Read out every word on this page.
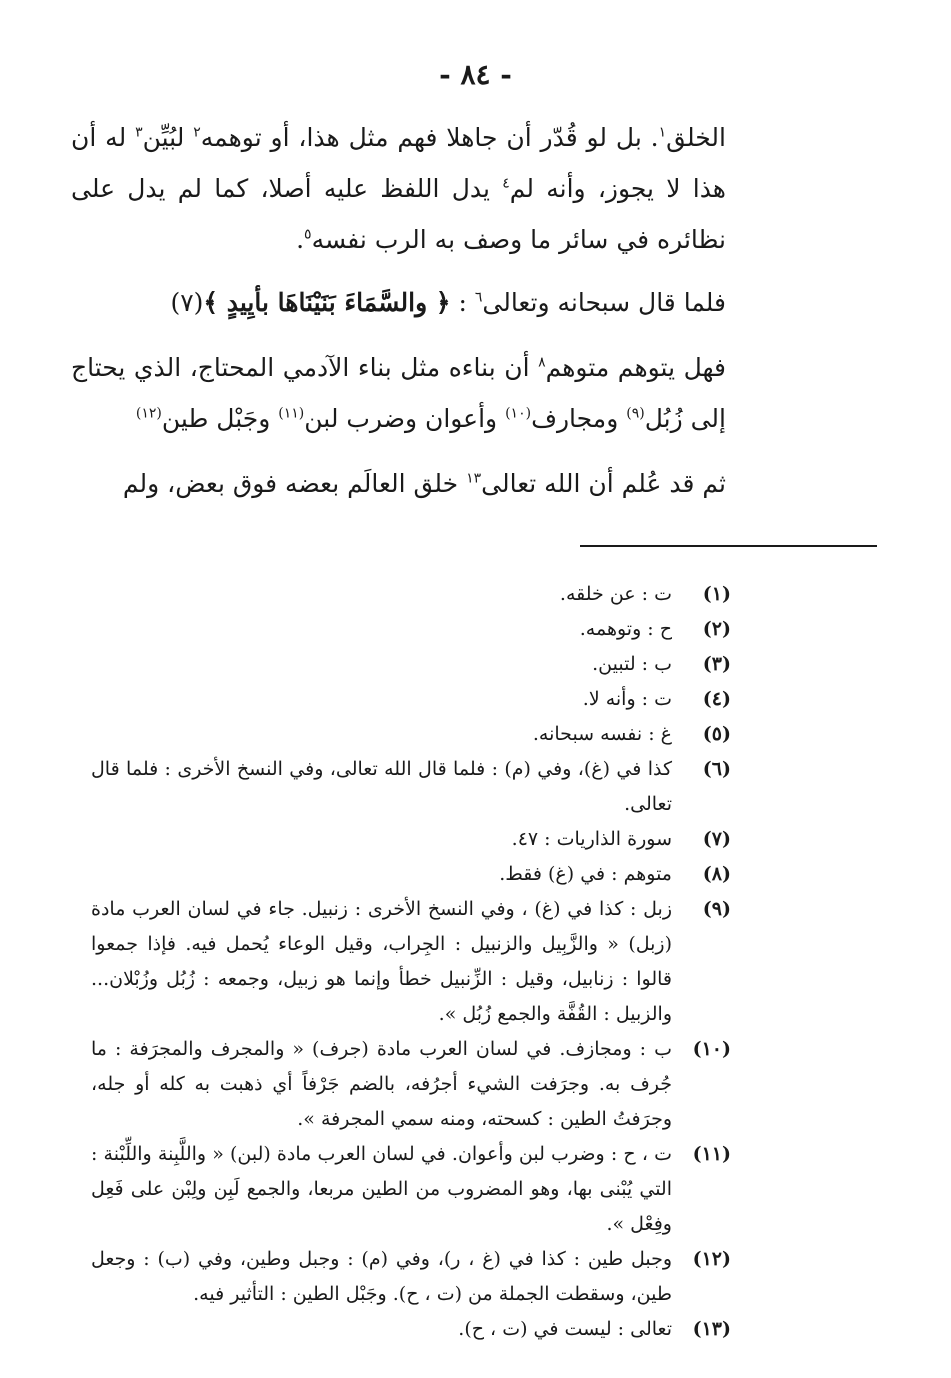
- ٨٤ -

الخلق$^١$. بل لو قُدّر أن جاهلا فهم مثل هذا، أو توهمه$^٢$ لبُيِّن$^٣$ له أن هذا لا يجوز، وأنه لم$^٤$ يدل اللفظ عليه أصلا، كما لم يدل على نظائره في سائر ما وصف به الرب نفسه$^٥$.

فلما قال سبحانه وتعالى$^٦$ : ﴿ والسَّمَاءَ بَنَيْنَاهَا بأيِيدٍ ﴾(٧)

فهل يتوهم متوهم$^٨$ أن بناءه مثل بناء الآدمي المحتاج، الذي يحتاج إلى زُبُل$^{(٩)}$ ومجارف$^{(١٠)}$ وأعوان وضرب لبن$^{(١١)}$ وجَبْل طين$^{(١٢)}$

ثم قد عُلم أن الله تعالى$^{١٣}$ خلق العالَم بعضه فوق بعض، ولم

(١)
ت : عن خلقه.
(٢)
ح : وتوهمه.
(٣)
ب : لتبين.
(٤)
ت : وأنه لا.
(٥)
غ : نفسه سبحانه.
(٦)
كذا في (غ)، وفي (م) : فلما قال الله تعالى، وفي النسخ الأخرى : فلما قال تعالى.
(٧)
سورة الذاريات : ٤٧.
(٨)
متوهم : في (غ) فقط.
(٩)
زبل : كذا في (غ) ، وفي النسخ الأخرى : زنبيل. جاء في لسان العرب مادة (زبل) « والزَّبِيل والزنبيل : الجِراب، وقيل الوعاء يُحمل فيه. فإذا جمعوا قالوا : زنابيل، وقيل : الزِّنبيل خطأ وإنما هو زبيل، وجمعه : زُبُل وزُبْلان... والزبيل : القُفَّة والجمع زُبُل ».
(١٠)
ب : ومجازف. في لسان العرب مادة (جرف) « والمجرف والمجرَفة : ما جُرف به. وجرَفت الشيء أجرُفه، بالضم جَرْفاً أي ذهبت به كله أو جله، وجرَفتُ الطين : كسحته، ومنه سمي المجرفة ».
(١١)
ت ، ح : وضرب لبن وأعوان. في لسان العرب مادة (لبن) « واللَّبِنة واللِّبْنة : التي يُبْنى بها، وهو المضروب من الطين مربعا، والجمع لَبِن ولِبْن على فَعِل وفِعْل ».
(١٢)
وجبل طين : كذا في (غ ، ر)، وفي (م) : وجبل وطين، وفي (ب) : وجعل طين، وسقطت الجملة من (ت ، ح). وجَبْل الطين : التأثير فيه.
(١٣)
تعالى : ليست في (ت ، ح).
